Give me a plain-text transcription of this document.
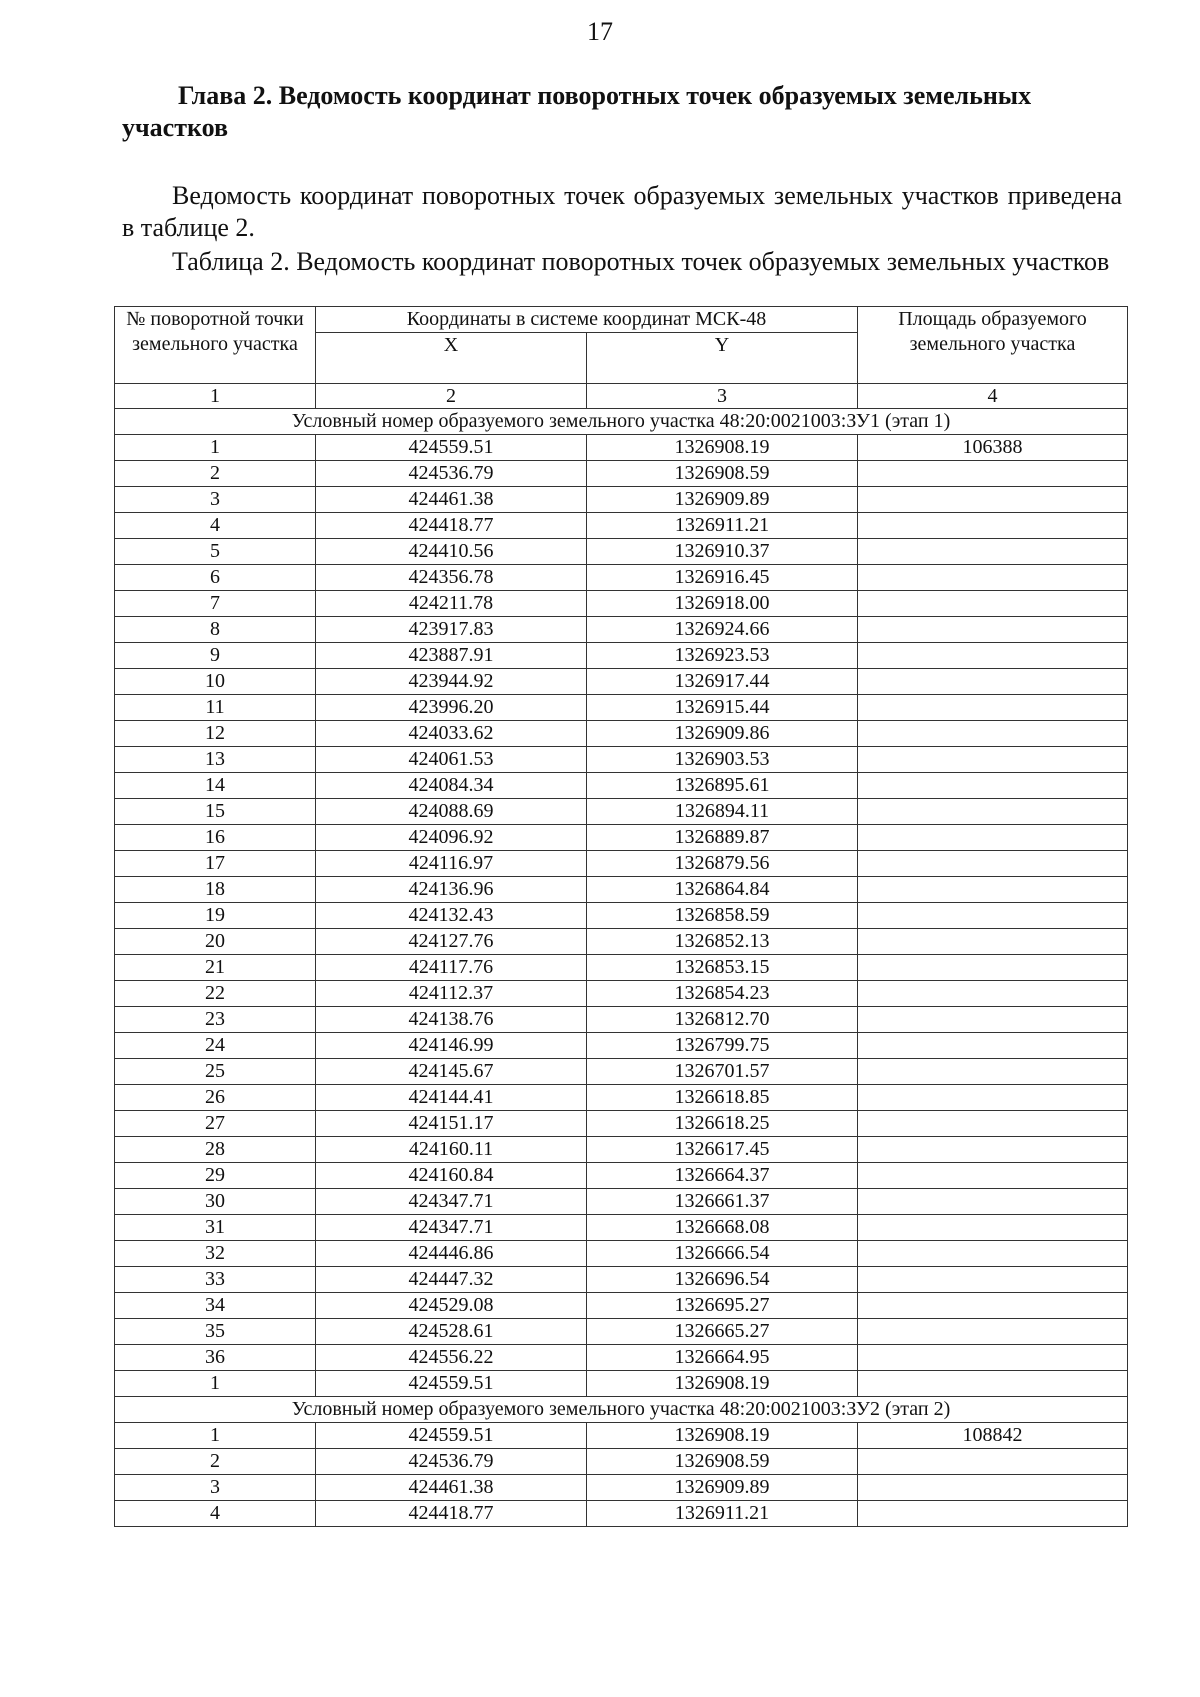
17
Глава 2. Ведомость координат поворотных точек образуемых земельных участков
Ведомость координат поворотных точек образуемых земельных участков приведена в таблице 2.
Таблица 2. Ведомость координат поворотных точек образуемых земельных участков
№ поворотной точки земельного участка	Координаты в системе координат МСК-48		Площадь образуемого земельного участка
	X	Y	
1	2	3	4
Условный номер образуемого земельного участка 48:20:0021003:ЗУ1 (этап 1)			
1	424559.51	1326908.19	106388
2	424536.79	1326908.59	
3	424461.38	1326909.89	
4	424418.77	1326911.21	
5	424410.56	1326910.37	
6	424356.78	1326916.45	
7	424211.78	1326918.00	
8	423917.83	1326924.66	
9	423887.91	1326923.53	
10	423944.92	1326917.44	
11	423996.20	1326915.44	
12	424033.62	1326909.86	
13	424061.53	1326903.53	
14	424084.34	1326895.61	
15	424088.69	1326894.11	
16	424096.92	1326889.87	
17	424116.97	1326879.56	
18	424136.96	1326864.84	
19	424132.43	1326858.59	
20	424127.76	1326852.13	
21	424117.76	1326853.15	
22	424112.37	1326854.23	
23	424138.76	1326812.70	
24	424146.99	1326799.75	
25	424145.67	1326701.57	
26	424144.41	1326618.85	
27	424151.17	1326618.25	
28	424160.11	1326617.45	
29	424160.84	1326664.37	
30	424347.71	1326661.37	
31	424347.71	1326668.08	
32	424446.86	1326666.54	
33	424447.32	1326696.54	
34	424529.08	1326695.27	
35	424528.61	1326665.27	
36	424556.22	1326664.95	
1	424559.51	1326908.19	
Условный номер образуемого земельного участка 48:20:0021003:ЗУ2 (этап 2)			
1	424559.51	1326908.19	108842
2	424536.79	1326908.59	
3	424461.38	1326909.89	
4	424418.77	1326911.21	
